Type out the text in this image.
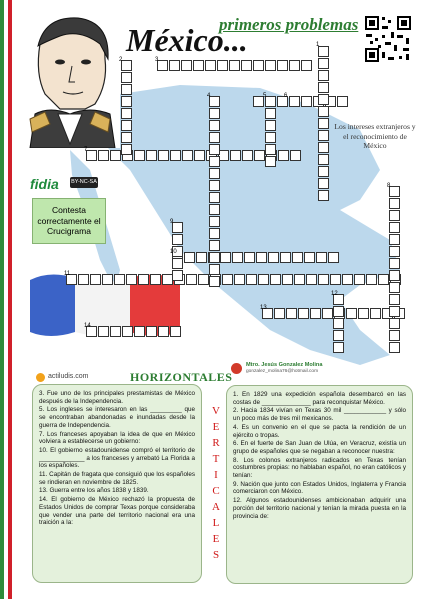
México...
primeros problemas
fidia BY-NC-SA
Contesta correctamente el Crucigrama
Los intereses extranjeros y el reconocimiento de México
1
2	3
4	5	6
7
8
9
10
11
12
13
14
Mtro. Jesús Gonzalez Molina
gonzalez_molina76@hotmail.com
actiludis.com	HORIZONTALES

3. Fue uno de los principales prestamistas de México después de la Independencia.

5. Los ingleses se interesaron en las _________ que se encontraban abandonadas e inundadas desde la guerra de Independencia.

7. Los franceses apoyaban la idea de que en México volviera a establecerse un gobierno:

10. El gobierno estadounidense compró el territorio de _____________ a los franceses y arrebató La Florida a los españoles.

11. Capitán de fragata que consiguió que los españoles se rindieran en noviembre de 1825.

13. Guerra entre los años 1838 y 1839.

14. El gobierno de México rechazó la propuesta de Estados Unidos de comprar Texas porque consideraba que vender una parte del territorio nacional era una traición a la:

V
E
R
T
I
C
A
L
E
S

1. En 1829 una expedición española desembarcó en las costas de ______________ para reconquistar México.

2. Hacia 1834 vivían en Texas 30 mil ____________ y sólo un poco más de tres mil mexicanos.

4. Es un convenio en el que se pacta la rendición de un ejército o tropas.

6. En el fuerte de San Juan de Ulúa, en Veracruz, existía un grupo de españoles que se negaban a reconocer nuestra:

8. Los colonos extranjeros radicados en Texas tenían costumbres propias: no hablaban español, no eran católicos y tenían:

9. Nación que junto con Estados Unidos, Inglaterra y Francia comerciaron con México.

12. Algunos estadounidenses ambicionaban adquirir una porción del territorio nacional y tenían la mirada puesta en la provincia de:
